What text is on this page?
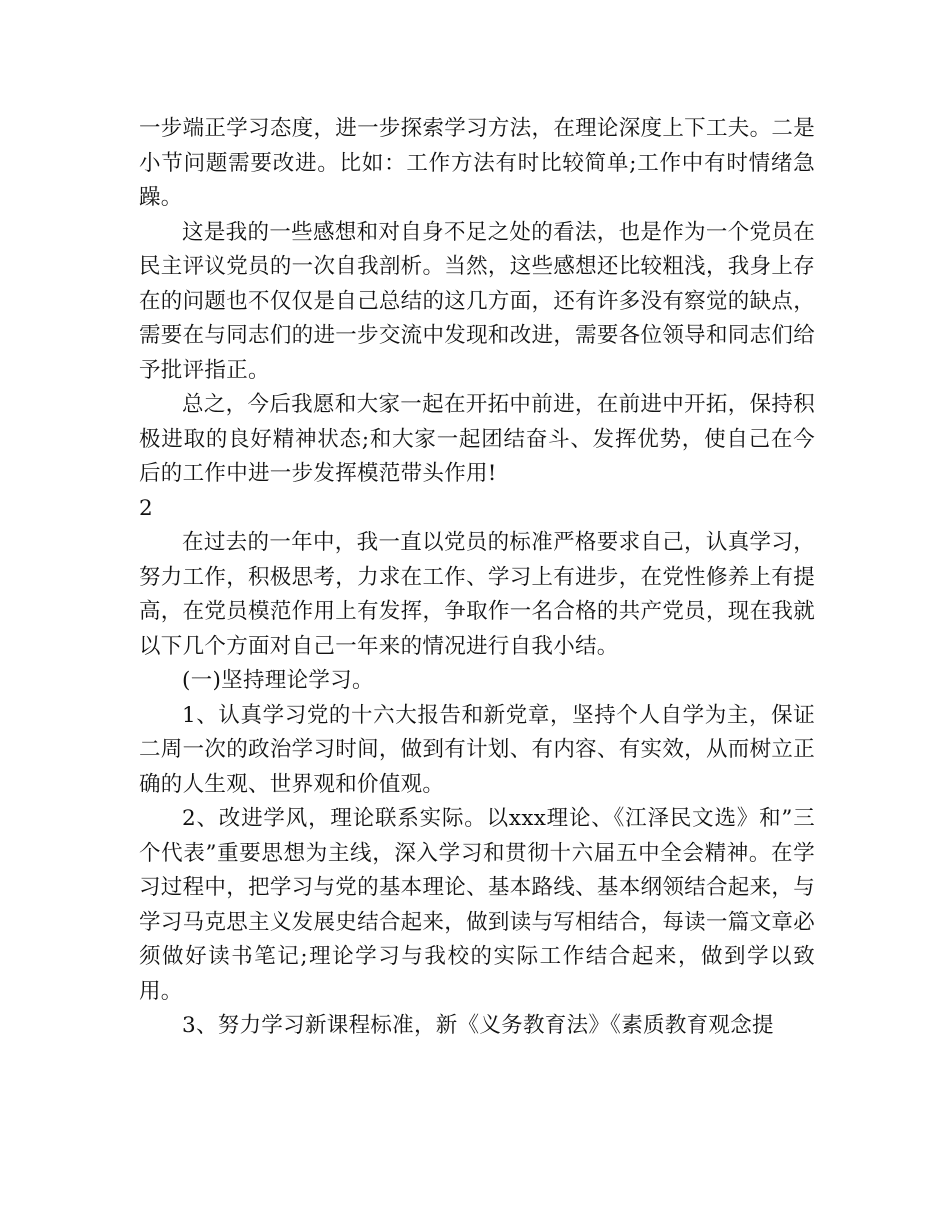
一步端正学习态度，进一步探索学习方法，在理论深度上下工夫。二是小节问题需要改进。比如：工作方法有时比较简单;工作中有时情绪急躁。

这是我的一些感想和对自身不足之处的看法，也是作为一个党员在民主评议党员的一次自我剖析。当然，这些感想还比较粗浅，我身上存在的问题也不仅仅是自己总结的这几方面，还有许多没有察觉的缺点，需要在与同志们的进一步交流中发现和改进，需要各位领导和同志们给予批评指正。

总之，今后我愿和大家一起在开拓中前进，在前进中开拓，保持积极进取的良好精神状态;和大家一起团结奋斗、发挥优势，使自己在今后的工作中进一步发挥模范带头作用!

2

在过去的一年中，我一直以党员的标准严格要求自己，认真学习，努力工作，积极思考，力求在工作、学习上有进步，在党性修养上有提高，在党员模范作用上有发挥，争取作一名合格的共产党员，现在我就以下几个方面对自己一年来的情况进行自我小结。

(一)坚持理论学习。

1、认真学习党的十六大报告和新党章，坚持个人自学为主，保证二周一次的政治学习时间，做到有计划、有内容、有实效，从而树立正确的人生观、世界观和价值观。

2、改进学风，理论联系实际。以xxx理论、《江泽民文选》和”三个代表”重要思想为主线，深入学习和贯彻十六届五中全会精神。在学习过程中，把学习与党的基本理论、基本路线、基本纲领结合起来，与学习马克思主义发展史结合起来，做到读与写相结合，每读一篇文章必须做好读书笔记;理论学习与我校的实际工作结合起来，做到学以致用。

3、努力学习新课程标准，新《义务教育法》《素质教育观念提
